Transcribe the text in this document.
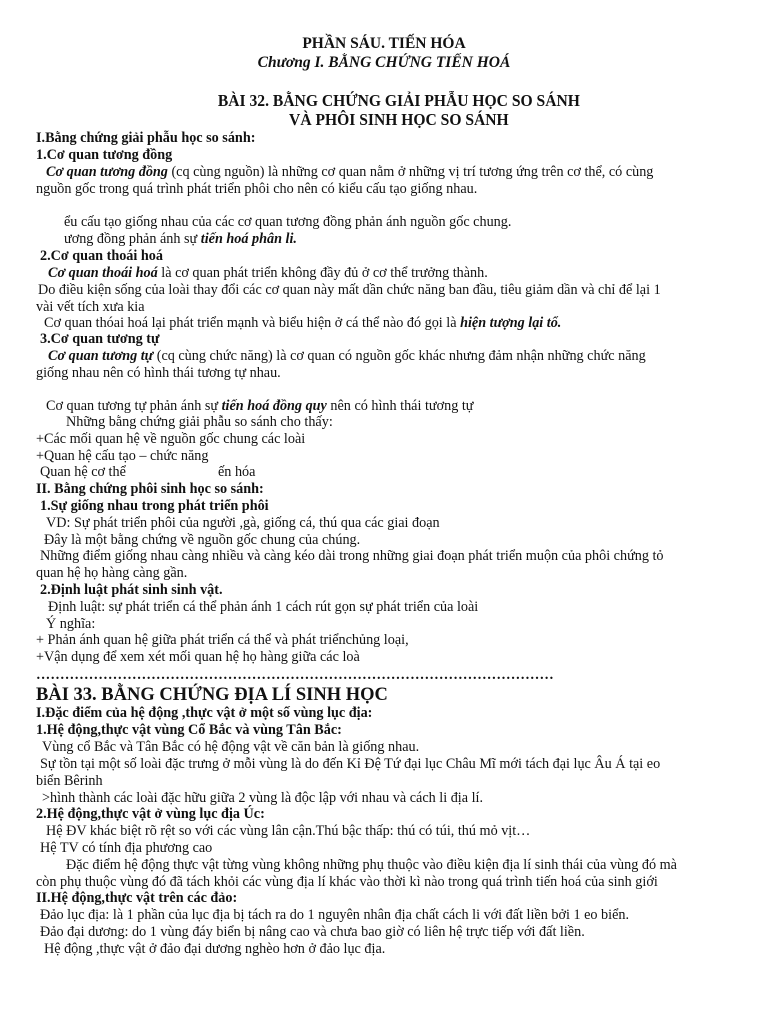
PHẦN SÁU. TIẾN HÓA
Chương I. BẰNG CHỨNG TIẾN HOÁ
BÀI 32. BẰNG CHỨNG GIẢI PHẪU HỌC SO SÁNH
VÀ PHÔI SINH HỌC SO SÁNH
I.Bằng chứng giải phẫu học so sánh:
1.Cơ quan tương đồng
Cơ quan tương đồng (cq cùng nguồn) là những cơ quan nằm ở những vị trí tương ứng trên cơ thể, có cùng
nguồn gốc trong quá trình phát triển phôi cho nên có kiểu cấu tạo giống nhau.
ểu cấu tạo giống nhau của các cơ quan tương đồng phản ánh nguồn gốc chung.
ương đồng phản ánh sự tiến hoá phân li.
2.Cơ quan thoái hoá
Cơ quan thoái hoá là cơ quan phát triển không đầy đủ ở cơ thể trưởng thành.
Do điều kiện sống của loài thay đổi các cơ quan này mất dần chức năng ban đầu, tiêu giảm dần và chỉ để lại 1
vài vết tích xưa kia
Cơ quan thóai hoá lại phát triển mạnh và biểu hiện ở cá thể nào đó gọi là hiện tượng lại tổ.
3.Cơ quan tương tự
Cơ quan tương tự (cq cùng chức năng) là cơ quan có nguồn gốc khác nhưng đảm nhận những chức năng
giống nhau nên có hình thái tương tự nhau.
Cơ quan tương tự phản ánh sự tiến hoá đồng quy nên có hình thái tương tự
Những bằng chứng giải phẫu so sánh cho thấy:
+Các mối quan hệ về nguồn gốc chung các loài
+Quan hệ cấu tạo – chức năng
Quan hệ cơ thể	ến hóa
II. Bằng chứng phôi sinh học so sánh:
1.Sự giống nhau trong phát triển phôi
VD: Sự phát triển phôi của người ,gà, giống cá, thú qua các giai đoạn
Đây là một bằng chứng về nguồn gốc chung của chúng.
Những điểm giống nhau càng nhiều và càng kéo dài trong những giai đoạn phát triển muộn của phôi chứng tỏ
quan hệ họ hàng càng gần.
2.Định luật phát sinh sinh vật.
Định luật: sự phát triển cá thể phản ánh 1 cách rút gọn sự phát triển của loài
Ý nghĩa:
+ Phản ánh quan hệ giữa phát triển cá thể và phát triểnchủng loại,
+Vận dụng để xem xét mối quan hệ họ hàng giữa các loà
………………………………………………………………………………………………
BÀI 33. BẰNG CHỨNG ĐỊA LÍ SINH HỌC
I.Đặc điểm của hệ động ,thực vật ở một số vùng lục địa:
1.Hệ động,thực vật vùng Cổ Bắc và vùng Tân Bắc:
Vùng cổ Bắc và Tân Bắc có hệ động vật về căn bản là giống nhau.
Sự tồn tại một số loài đặc trưng ở mỗi vùng là do đến Kỉ Đệ Tứ đại lục Châu Mĩ mới tách đại lục Âu Á tại eo
biển Bêrinh
>hình thành các loài đặc hữu giữa 2 vùng là độc lập với nhau và cách li địa lí.
2.Hệ động,thực vật ở vùng lục địa Úc:
Hệ ĐV khác biệt rõ rệt so với các vùng lân cận.Thú bậc thấp: thú có túi, thú mỏ vịt…
Hệ TV có tính địa phương cao
Đặc điểm hệ động thực vật từng vùng không những phụ thuộc vào điều kiện địa lí sinh thái của vùng đó mà
còn phụ thuộc vùng đó đã tách khỏi các vùng địa lí khác vào thời kì nào trong quá trình tiến hoá của sinh giới
II.Hệ động,thực vật trên các đảo:
Đảo lục địa: là 1 phần của lục địa bị tách ra do 1 nguyên nhân địa chất cách li với đất liền bởi 1 eo biển.
Đảo đại dương: do 1 vùng đáy biển bị nâng cao và chưa bao giờ có liên hệ trực tiếp với đất liền.
Hệ động ,thực vật ở đảo đại dương nghèo hơn ở đảo lục địa.
